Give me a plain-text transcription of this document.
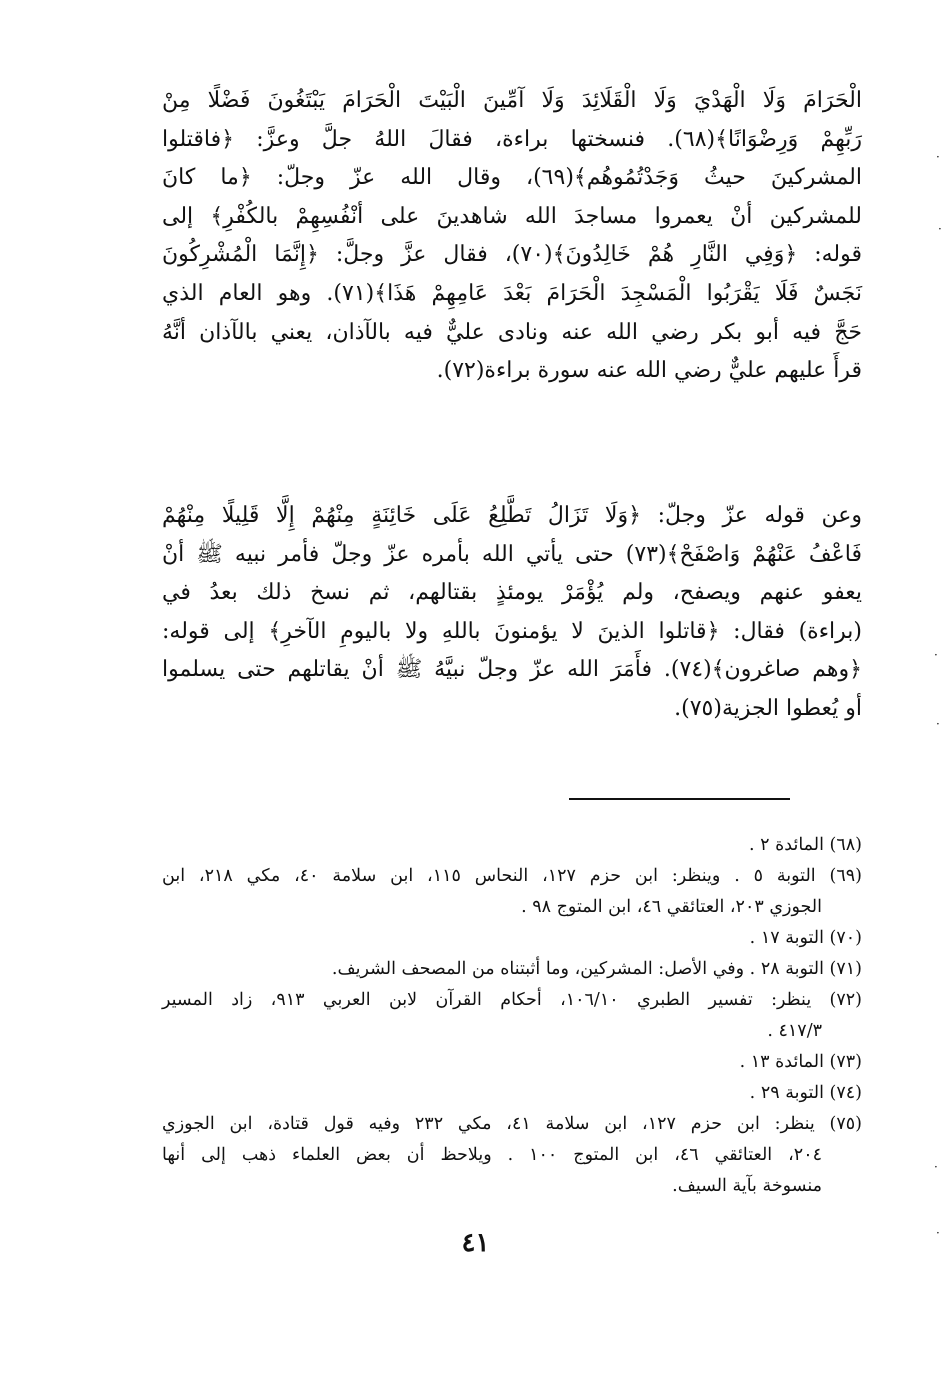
الْحَرَامَ وَلَا الْهَدْيَ وَلَا الْقَلَائِدَ وَلَا آمِّينَ الْبَيْتَ الْحَرَامَ يَبْتَغُونَ فَضْلًا مِنْ
رَبِّهِمْ وَرِضْوَانًا﴾(٦٨). فنسختها براءة، فقالَ اللهُ جلَّ وعزَّ: ﴿فاقتلوا
المشركينَ حيثُ وَجَدْتُمُوهُم﴾(٦٩)، وقال الله عزّ وجلّ: ﴿ما كانَ
للمشركين أنْ يعمروا مساجدَ الله شاهدينَ على أنْفُسِهِمْ بالكُفْرِ﴾ إلى
قوله: ﴿وَفِي النَّارِ هُمْ خَالِدُونَ﴾(٧٠)، فقال عزَّ وجلَّ: ﴿إِنَّمَا الْمُشْرِكُونَ
نَجَسٌ فَلَا يَقْرَبُوا الْمَسْجِدَ الْحَرَامَ بَعْدَ عَامِهِمْ هَذَا﴾(٧١). وهو العام الذي
حَجَّ فيه أبو بكر رضي الله عنه ونادى عليٌّ فيه بالآذان، يعني بالآذان أنَّهُ
قرأَ عليهم عليٌّ رضي الله عنه سورة براءة(٧٢).
وعن قوله عزّ وجلّ: ﴿وَلَا تَزَالُ تَطَّلِعُ عَلَى خَائِنَةٍ مِنْهُمْ إِلَّا قَلِيلًا مِنْهُمْ
فَاعْفُ عَنْهُمْ وَاصْفَحْ﴾(٧٣) حتى يأتي الله بأمره عزّ وجلّ فأمر نبيه ﷺ أنْ
يعفو عنهم ويصفح، ولم يُؤْمَرْ يومئذٍ بقتالهم، ثم نسخ ذلك بعدُ في
(براءة) فقال: ﴿قاتلوا الذينَ لا يؤمنونَ باللهِ ولا باليومِ الآخرِ﴾ إلى قوله:
﴿وهم صاغرون﴾(٧٤). فأَمَرَ الله عزّ وجلّ نبيَّهُ ﷺ أنْ يقاتلهم حتى يسلموا
أو يُعطوا الجزية(٧٥).
(٦٨) المائدة ٢ .
(٦٩) التوبة ٥ . وينظر: ابن حزم ١٢٧، النحاس ١١٥، ابن سلامة ٤٠، مكي ٢١٨، ابن
الجوزي ٢٠٣، العتائقي ٤٦، ابن المتوج ٩٨ .
(٧٠) التوبة ١٧ .
(٧١) التوبة ٢٨ . وفي الأصل: المشركين، وما أثبتناه من المصحف الشريف.
(٧٢) ينظر: تفسير الطبري ١٠٦/١٠، أحكام القرآن لابن العربي ٩١٣، زاد المسير
٤١٧/٣ .
(٧٣) المائدة ١٣ .
(٧٤) التوبة ٢٩ .
(٧٥) ينظر: ابن حزم ١٢٧، ابن سلامة ٤١، مكي ٢٣٢ وفيه قول قتادة، ابن الجوزي
٢٠٤، العتائقي ٤٦، ابن المتوج ١٠٠ . ويلاحظ أن بعض العلماء ذهب إلى أنها
منسوخة بآية السيف.
٤١
·
·
·
·
·
·
